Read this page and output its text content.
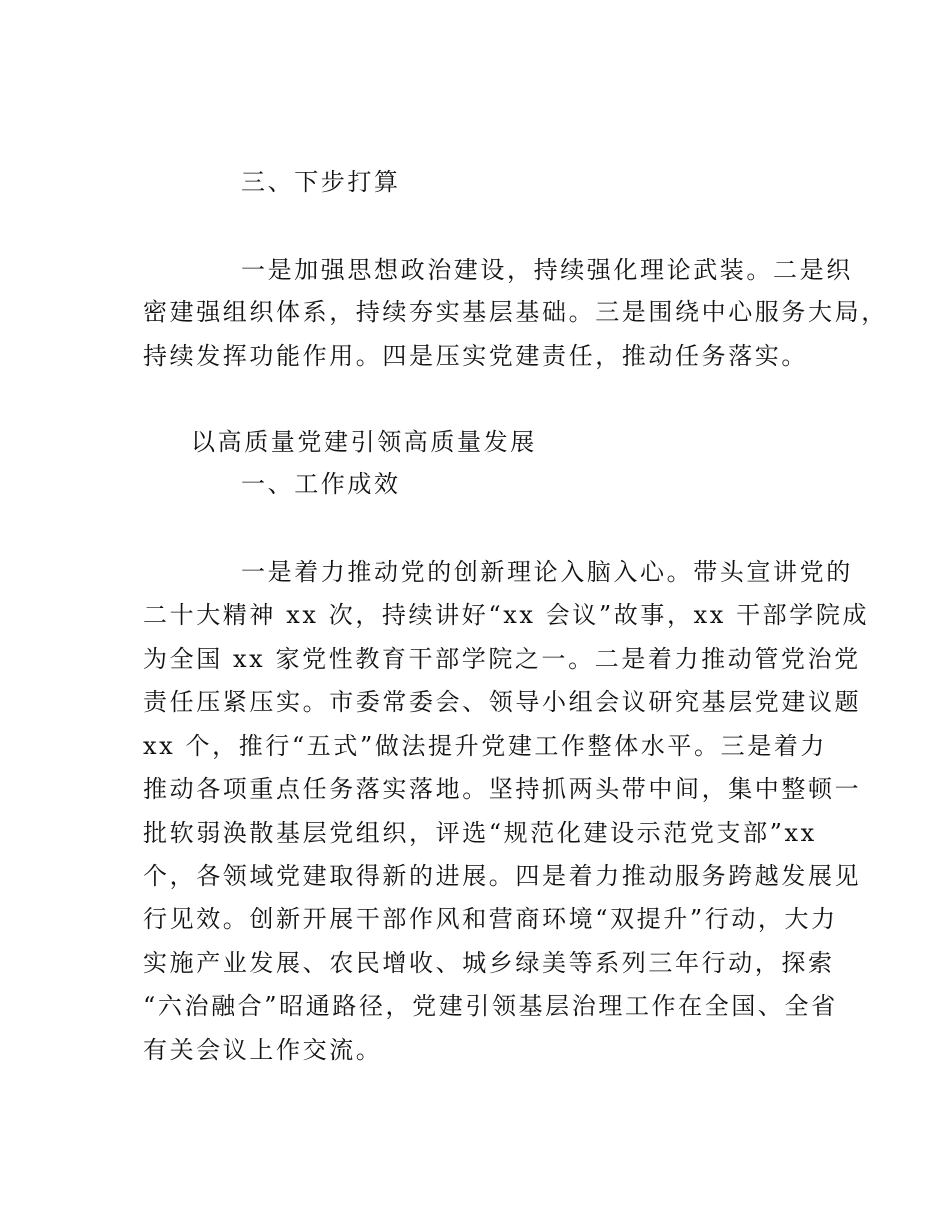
三、下步打算
一是加强思想政治建设，持续强化理论武装。二是织
密建强组织体系，持续夯实基层基础。三是围绕中心服务大局，
持续发挥功能作用。四是压实党建责任，推动任务落实。
以高质量党建引领高质量发展
一、工作成效
一是着力推动党的创新理论入脑入心。带头宣讲党的
二十大精神 xx 次，持续讲好“xx 会议”故事，xx 干部学院成
为全国 xx 家党性教育干部学院之一。二是着力推动管党治党
责任压紧压实。市委常委会、领导小组会议研究基层党建议题
xx 个，推行“五式”做法提升党建工作整体水平。三是着力
推动各项重点任务落实落地。坚持抓两头带中间，集中整顿一
批软弱涣散基层党组织，评选“规范化建设示范党支部”xx
个，各领域党建取得新的进展。四是着力推动服务跨越发展见
行见效。创新开展干部作风和营商环境“双提升”行动，大力
实施产业发展、农民增收、城乡绿美等系列三年行动，探索
“六治融合”昭通路径，党建引领基层治理工作在全国、全省
有关会议上作交流。
